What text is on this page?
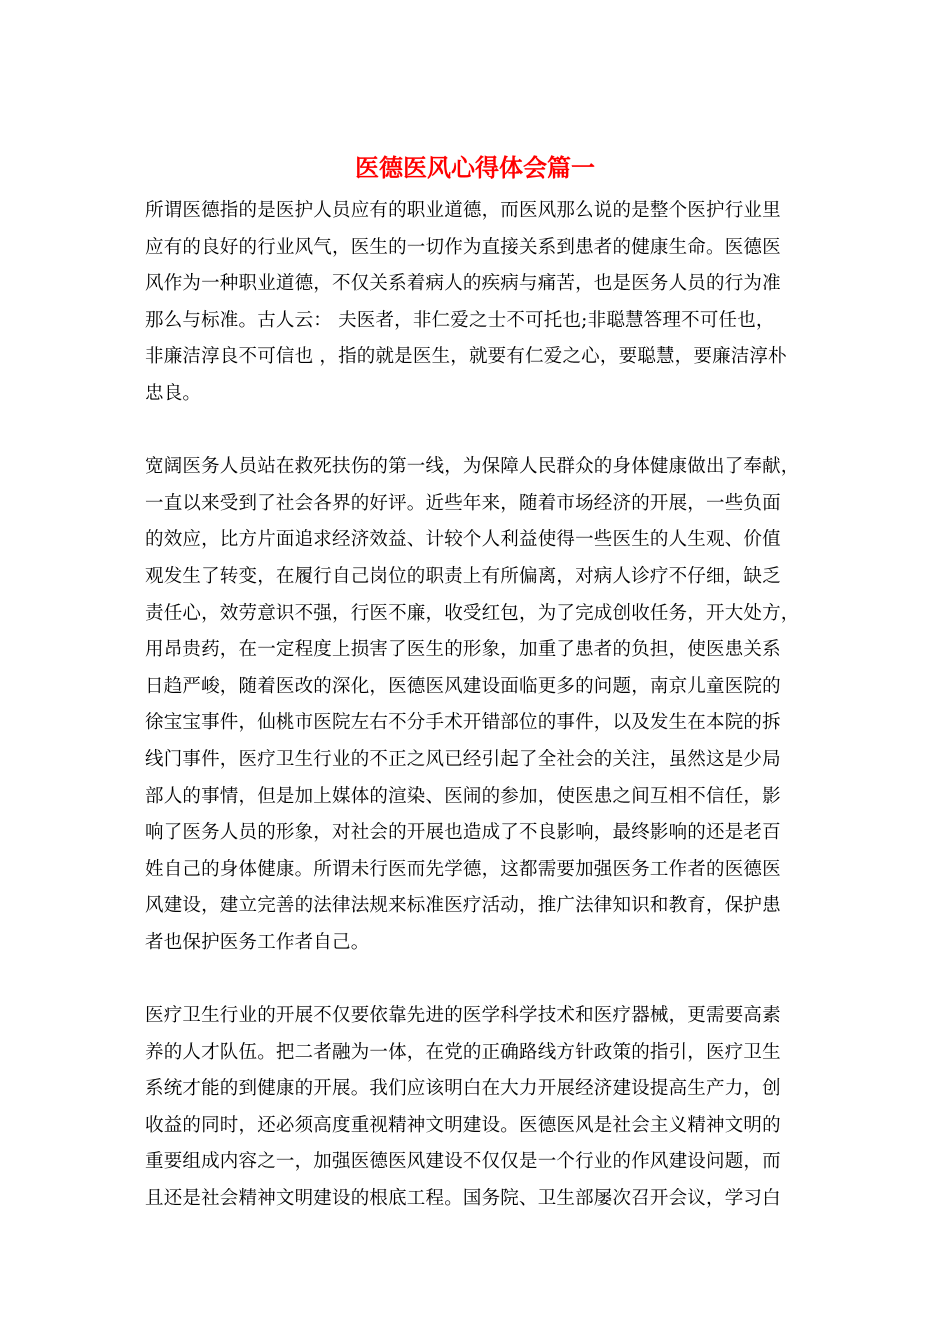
医德医风心得体会篇一

所谓医德指的是医护人员应有的职业道德，而医风那么说的是整个医护行业里

应有的良好的行业风气，医生的一切作为直接关系到患者的健康生命。医德医

风作为一种职业道德，不仅关系着病人的疾病与痛苦，也是医务人员的行为准

那么与标准。古人云： 夫医者，非仁爱之士不可托也;非聪慧答理不可任也，

非廉洁淳良不可信也 ，指的就是医生，就要有仁爱之心，要聪慧，要廉洁淳朴

忠良。

宽阔医务人员站在救死扶伤的第一线，为保障人民群众的身体健康做出了奉献，

一直以来受到了社会各界的好评。近些年来，随着市场经济的开展，一些负面

的效应，比方片面追求经济效益、计较个人利益使得一些医生的人生观、价值

观发生了转变，在履行自己岗位的职责上有所偏离，对病人诊疗不仔细，缺乏

责任心，效劳意识不强，行医不廉，收受红包，为了完成创收任务，开大处方，

用昂贵药，在一定程度上损害了医生的形象，加重了患者的负担，使医患关系

日趋严峻，随着医改的深化，医德医风建设面临更多的问题，南京儿童医院的

徐宝宝事件，仙桃市医院左右不分手术开错部位的事件，以及发生在本院的拆

线门事件，医疗卫生行业的不正之风已经引起了全社会的关注，虽然这是少局

部人的事情，但是加上媒体的渲染、医闹的参加，使医患之间互相不信任，影

响了医务人员的形象，对社会的开展也造成了不良影响，最终影响的还是老百

姓自己的身体健康。所谓未行医而先学德，这都需要加强医务工作者的医德医

风建设，建立完善的法律法规来标准医疗活动，推广法律知识和教育，保护患

者也保护医务工作者自己。

医疗卫生行业的开展不仅要依靠先进的医学科学技术和医疗器械，更需要高素

养的人才队伍。把二者融为一体，在党的正确路线方针政策的指引，医疗卫生

系统才能的到健康的开展。我们应该明白在大力开展经济建设提高生产力，创

收益的同时，还必须高度重视精神文明建设。医德医风是社会主义精神文明的

重要组成内容之一，加强医德医风建设不仅仅是一个行业的作风建设问题，而

且还是社会精神文明建设的根底工程。国务院、卫生部屡次召开会议，学习白
